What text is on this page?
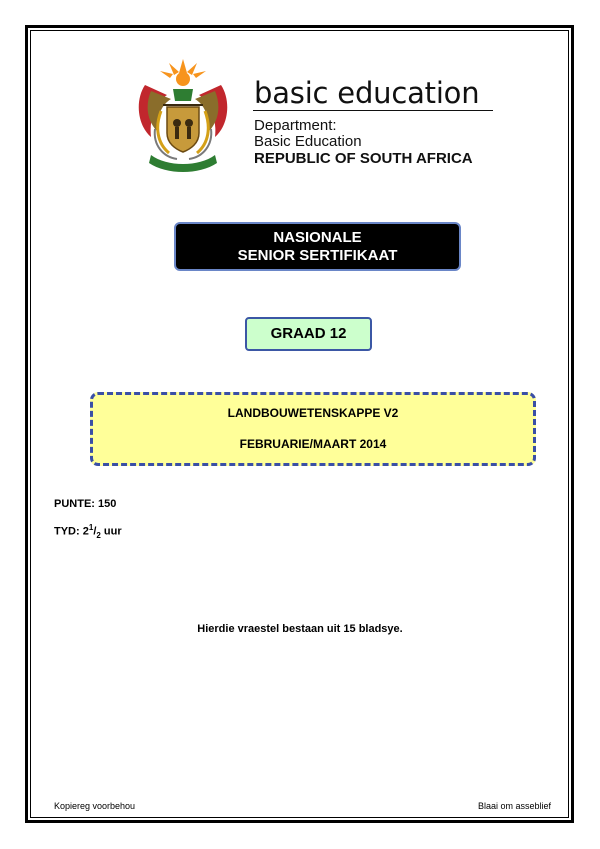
basic education
Department:
Basic Education
REPUBLIC OF SOUTH AFRICA
NASIONALE
SENIOR SERTIFIKAAT
GRAAD 12
LANDBOUWETENSKAPPE V2
FEBRUARIE/MAART 2014
PUNTE: 150
TYD: $2^1/_2$ uur
Hierdie vraestel bestaan uit 15 bladsye.
Kopiereg voorbehou	Blaai om asseblief
